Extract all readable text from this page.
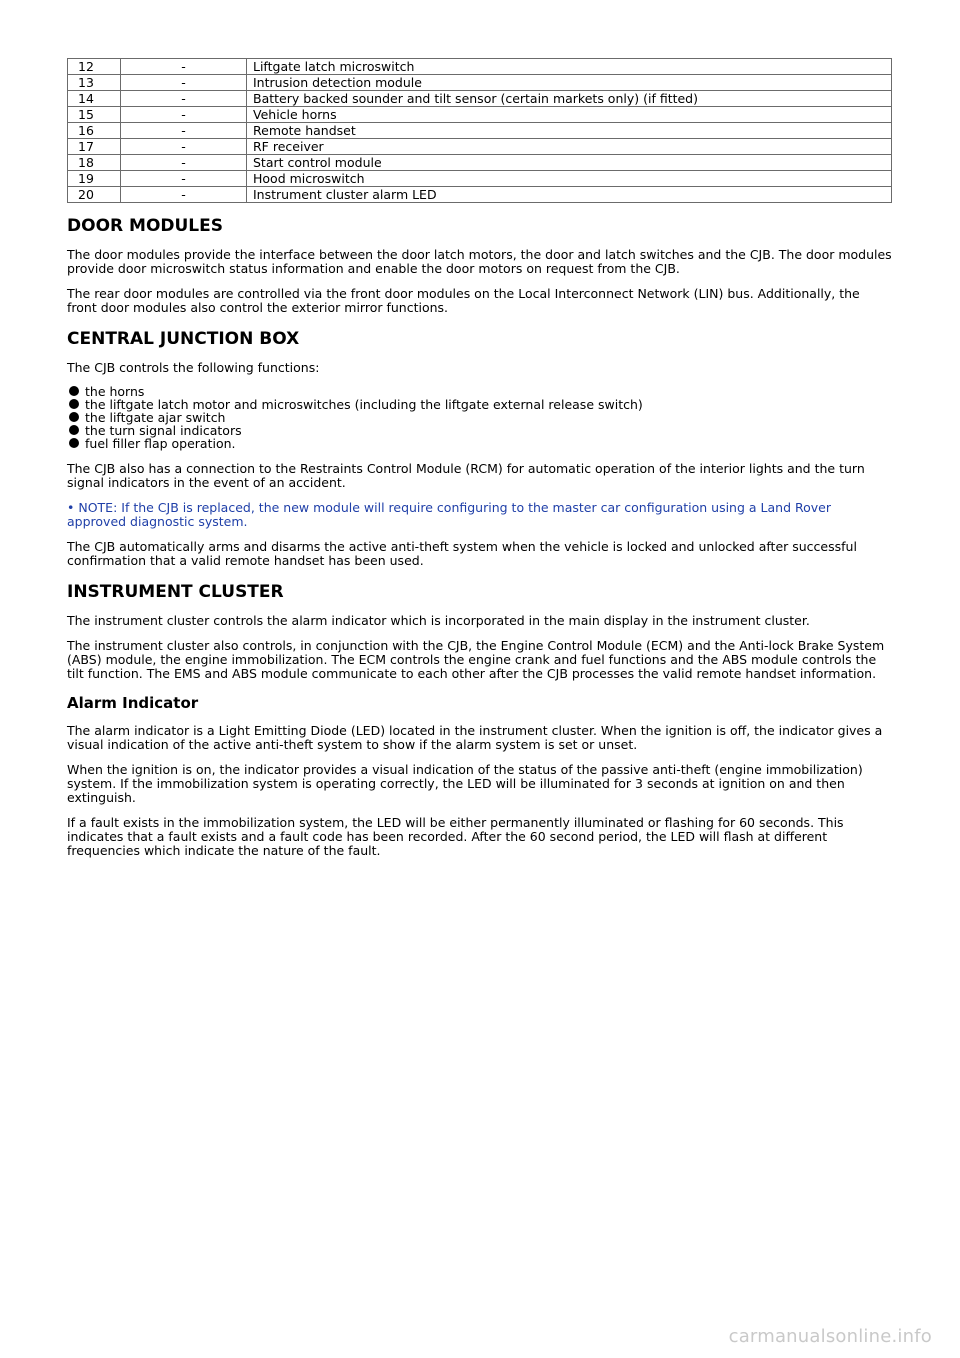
12	-	Liftgate latch microswitch
13	-	Intrusion detection module
14	-	Battery backed sounder and tilt sensor (certain markets only) (if fitted)
15	-	Vehicle horns
16	-	Remote handset
17	-	RF receiver
18	-	Start control module
19	-	Hood microswitch
20	-	Instrument cluster alarm LED
DOOR MODULES

The door modules provide the interface between the door latch motors, the door and latch switches and the CJB. The door modules provide door microswitch status information and enable the door motors on request from the CJB.

The rear door modules are controlled via the front door modules on the Local Interconnect Network (LIN) bus. Additionally, the front door modules also control the exterior mirror functions.

CENTRAL JUNCTION BOX

The CJB controls the following functions:

the horns
the liftgate latch motor and microswitches (including the liftgate external release switch)
the liftgate ajar switch
the turn signal indicators
fuel filler flap operation.

The CJB also has a connection to the Restraints Control Module (RCM) for automatic operation of the interior lights and the turn signal indicators in the event of an accident.

• NOTE: If the CJB is replaced, the new module will require configuring to the master car configuration using a Land Rover approved diagnostic system.

The CJB automatically arms and disarms the active anti-theft system when the vehicle is locked and unlocked after successful confirmation that a valid remote handset has been used.

INSTRUMENT CLUSTER

The instrument cluster controls the alarm indicator which is incorporated in the main display in the instrument cluster.

The instrument cluster also controls, in conjunction with the CJB, the Engine Control Module (ECM) and the Anti-lock Brake System (ABS) module, the engine immobilization. The ECM controls the engine crank and fuel functions and the ABS module controls the tilt function. The EMS and ABS module communicate to each other after the CJB processes the valid remote handset information.

Alarm Indicator

The alarm indicator is a Light Emitting Diode (LED) located in the instrument cluster. When the ignition is off, the indicator gives a visual indication of the active anti-theft system to show if the alarm system is set or unset.

When the ignition is on, the indicator provides a visual indication of the status of the passive anti-theft (engine immobilization) system. If the immobilization system is operating correctly, the LED will be illuminated for 3 seconds at ignition on and then extinguish.

If a fault exists in the immobilization system, the LED will be either permanently illuminated or flashing for 60 seconds. This indicates that a fault exists and a fault code has been recorded. After the 60 second period, the LED will flash at different frequencies which indicate the nature of the fault.

carmanualsonline.info
